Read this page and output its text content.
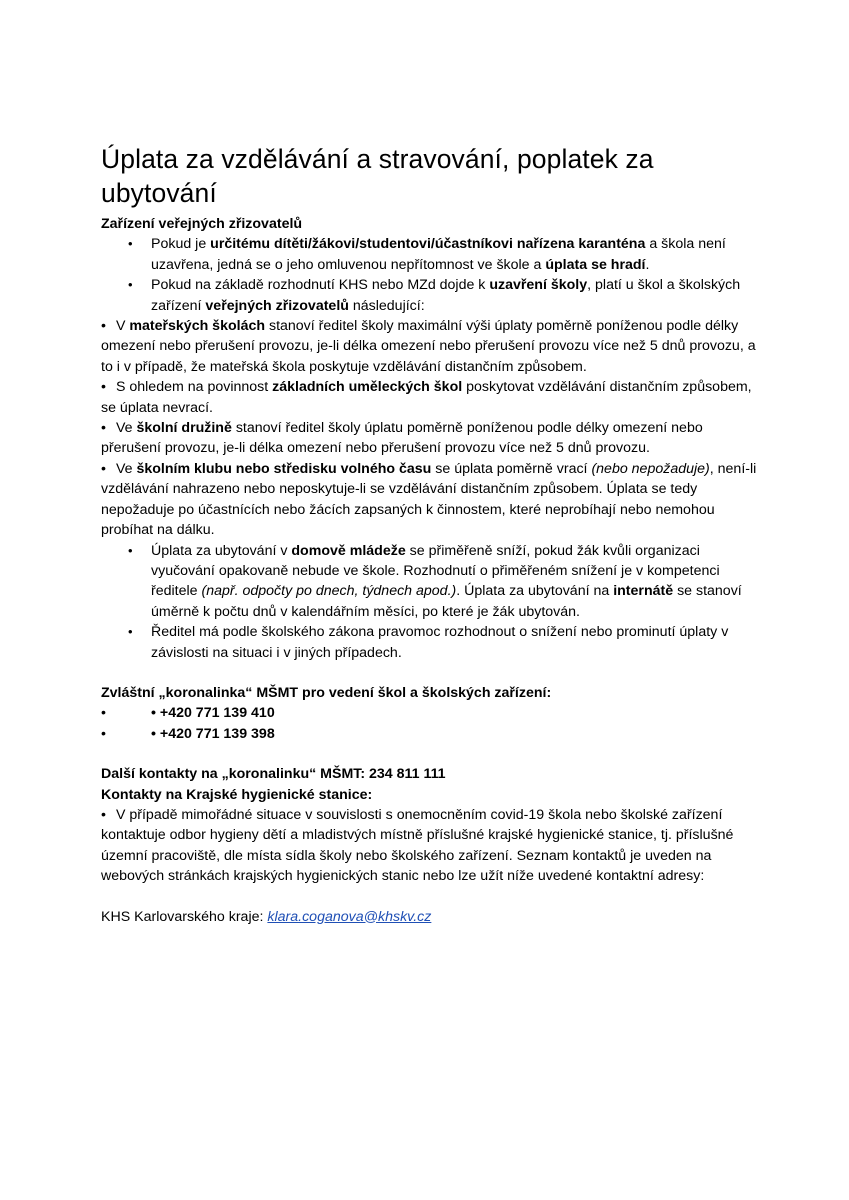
Úplata za vzdělávání a stravování, poplatek za ubytování

Zařízení veřejných zřizovatelů

• Pokud je určitému dítěti/žákovi/studentovi/účastníkovi nařízena karanténa a škola není uzavřena, jedná se o jeho omluvenou nepřítomnost ve škole a úplata se hradí.
• Pokud na základě rozhodnutí KHS nebo MZd dojde k uzavření školy, platí u škol a školských zařízení veřejných zřizovatelů následující:

• V mateřských školách stanoví ředitel školy maximální výši úplaty poměrně poníženou podle délky omezení nebo přerušení provozu, je-li délka omezení nebo přerušení provozu více než 5 dnů provozu, a to i v případě, že mateřská škola poskytuje vzdělávání distančním způsobem.

• S ohledem na povinnost základních uměleckých škol poskytovat vzdělávání distančním způsobem, se úplata nevrací.

• Ve školní družině stanoví ředitel školy úplatu poměrně poníženou podle délky omezení nebo přerušení provozu, je-li délka omezení nebo přerušení provozu více než 5 dnů provozu.

• Ve školním klubu nebo středisku volného času se úplata poměrně vrací (nebo nepožaduje), není-li vzdělávání nahrazeno nebo neposkytuje-li se vzdělávání distančním způsobem. Úplata se tedy nepožaduje po účastnících nebo žácích zapsaných k činnostem, které neprobíhají nebo nemohou probíhat na dálku.

• Úplata za ubytování v domově mládeže se přiměřeně sníží, pokud žák kvůli organizaci vyučování opakovaně nebude ve škole. Rozhodnutí o přiměřeném snížení je v kompetenci ředitele (např. odpočty po dnech, týdnech apod.). Úplata za ubytování na internátě se stanoví úměrně k počtu dnů v kalendářním měsíci, po které je žák ubytován.
• Ředitel má podle školského zákona pravomoc rozhodnout o snížení nebo prominutí úplaty v závislosti na situaci i v jiných případech.

Zvláštní „koronalinka“ MŠMT pro vedení škol a školských zařízení:

•	• +420 771 139 410
•	• +420 771 139 398

Další kontakty na „koronalinku“ MŠMT: 234 811 111

Kontakty na Krajské hygienické stanice:

• V případě mimořádné situace v souvislosti s onemocněním covid-19 škola nebo školské zařízení kontaktuje odbor hygieny dětí a mladistvých místně příslušné krajské hygienické stanice, tj. příslušné územní pracoviště, dle místa sídla školy nebo školského zařízení. Seznam kontaktů je uveden na webových stránkách krajských hygienických stanic nebo lze užít níže uvedené kontaktní adresy:

KHS Karlovarského kraje: klara.coganova@khskv.cz
